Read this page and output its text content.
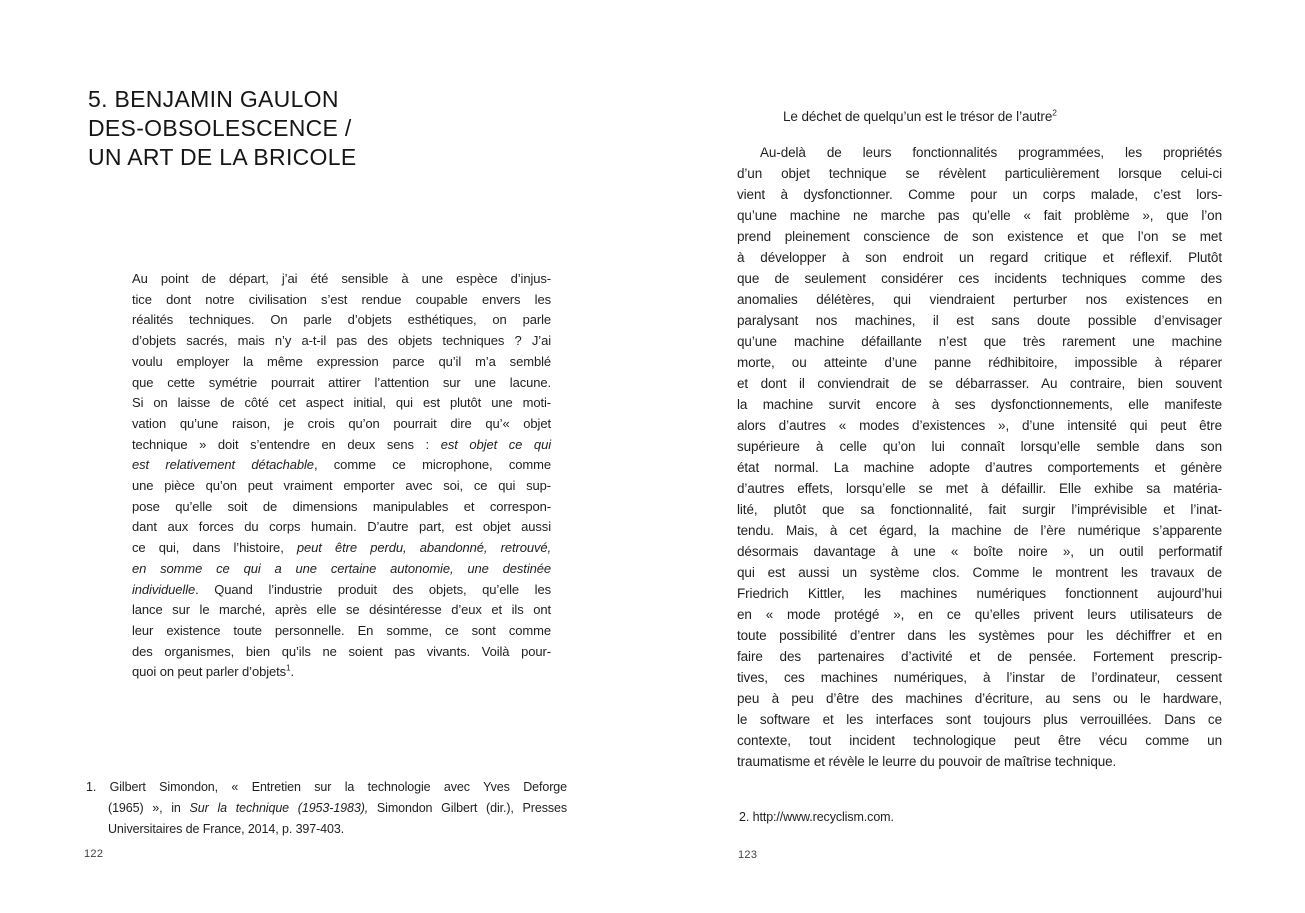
5. BENJAMIN GAULON
DES-OBSOLESCENCE /
UN ART DE LA BRICOLE
Au point de départ, j’ai été sensible à une espèce d’injus-
tice dont notre civilisation s’est rendue coupable envers les
réalités techniques. On parle d’objets esthétiques, on parle
d’objets sacrés, mais n’y a-t-il pas des objets techniques ? J’ai
voulu employer la même expression parce qu’il m’a semblé
que cette symétrie pourrait attirer l’attention sur une lacune.
Si on laisse de côté cet aspect initial, qui est plutôt une moti-
vation qu’une raison, je crois qu’on pourrait dire qu’« objet
technique » doit s’entendre en deux sens : est objet ce qui
est relativement détachable, comme ce microphone, comme
une pièce qu’on peut vraiment emporter avec soi, ce qui sup-
pose qu’elle soit de dimensions manipulables et correspon-
dant aux forces du corps humain. D’autre part, est objet aussi
ce qui, dans l’histoire, peut être perdu, abandonné, retrouvé,
en somme ce qui a une certaine autonomie, une destinée
individuelle. Quand l’industrie produit des objets, qu’elle les
lance sur le marché, après elle se désintéresse d’eux et ils ont
leur existence toute personnelle. En somme, ce sont comme
des organismes, bien qu’ils ne soient pas vivants. Voilà pour-
quoi on peut parler d’objets$^1$.
1. Gilbert Simondon, « Entretien sur la technologie avec Yves Deforge
(1965) », in Sur la technique (1953-1983), Simondon Gilbert (dir.), Presses
Universitaires de France, 2014, p. 397-403.
122
Le déchet de quelqu’un est le trésor de l’autre$^2$
Au-delà de leurs fonctionnalités programmées, les propriétés
d’un objet technique se révèlent particulièrement lorsque celui-ci
vient à dysfonctionner. Comme pour un corps malade, c’est lors-
qu’une machine ne marche pas qu’elle « fait problème », que l’on
prend pleinement conscience de son existence et que l’on se met
à développer à son endroit un regard critique et réflexif. Plutôt
que de seulement considérer ces incidents techniques comme des
anomalies délétères, qui viendraient perturber nos existences en
paralysant nos machines, il est sans doute possible d’envisager
qu’une machine défaillante n’est que très rarement une machine
morte, ou atteinte d’une panne rédhibitoire, impossible à réparer
et dont il conviendrait de se débarrasser. Au contraire, bien souvent
la machine survit encore à ses dysfonctionnements, elle manifeste
alors d’autres « modes d’existences », d’une intensité qui peut être
supérieure à celle qu’on lui connaît lorsqu’elle semble dans son
état normal. La machine adopte d’autres comportements et génère
d’autres effets, lorsqu’elle se met à défaillir. Elle exhibe sa matéria-
lité, plutôt que sa fonctionnalité, fait surgir l’imprévisible et l’inat-
tendu. Mais, à cet égard, la machine de l’ère numérique s’apparente
désormais davantage à une « boîte noire », un outil performatif
qui est aussi un système clos. Comme le montrent les travaux de
Friedrich Kittler, les machines numériques fonctionnent aujourd’hui
en « mode protégé », en ce qu’elles privent leurs utilisateurs de
toute possibilité d’entrer dans les systèmes pour les déchiffrer et en
faire des partenaires d’activité et de pensée. Fortement prescrip-
tives, ces machines numériques, à l’instar de l’ordinateur, cessent
peu à peu d’être des machines d’écriture, au sens ou le hardware,
le software et les interfaces sont toujours plus verrouillées. Dans ce
contexte, tout incident technologique peut être vécu comme un
traumatisme et révèle le leurre du pouvoir de maîtrise technique.
2. http://www.recyclism.com.
123
